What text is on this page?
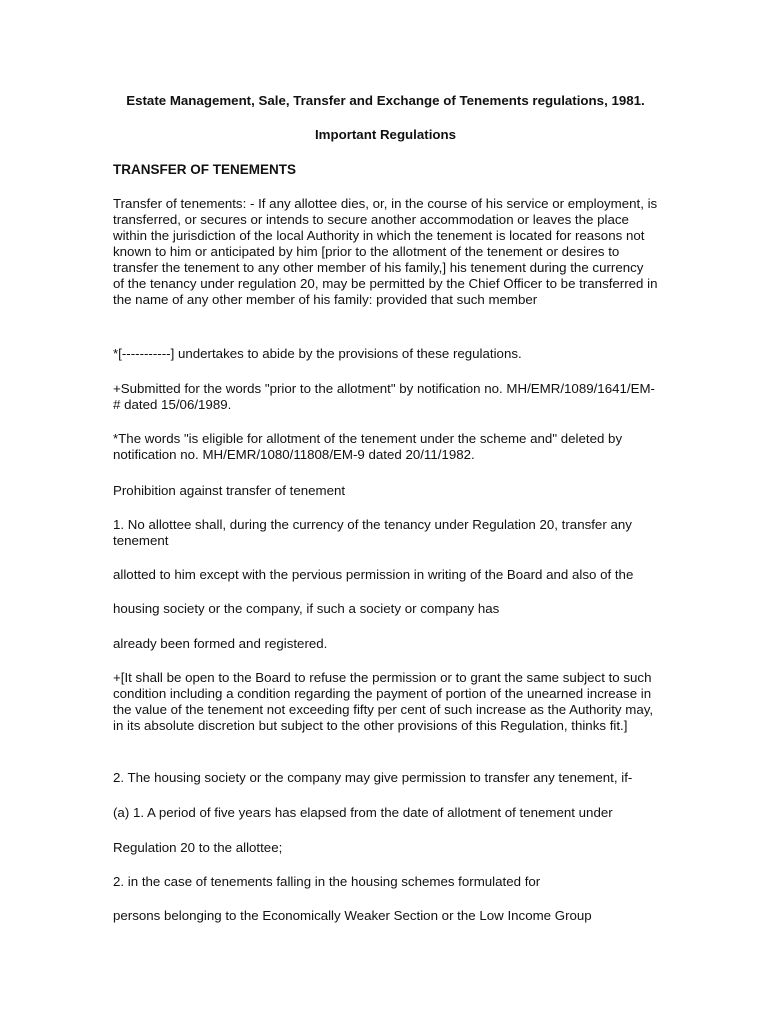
Estate Management, Sale, Transfer and Exchange of Tenements regulations, 1981.
Important Regulations
TRANSFER OF TENEMENTS

Transfer of tenements: - If any allottee dies, or, in the course of his service or employment, is transferred, or secures or intends to secure another accommodation or leaves the place within the jurisdiction of the local Authority in which the tenement is located for reasons not known to him or anticipated by him [prior to the allotment of the tenement or desires to transfer the tenement to any other member of his family,] his tenement during the currency of the tenancy under regulation 20, may be permitted by the Chief Officer to be transferred in the name of any other member of his family: provided that such member

*[-----------] undertakes to abide by the provisions of these regulations.

+Submitted for the words "prior to the allotment" by notification no. MH/EMR/1089/1641/EM-# dated 15/06/1989.

*The words "is eligible for allotment of the tenement under the scheme and" deleted by notification no. MH/EMR/1080/11808/EM-9 dated 20/11/1982.

Prohibition against transfer of tenement

1. No allottee shall, during the currency of the tenancy under Regulation 20, transfer any tenement

allotted to him except with the pervious permission in writing of the Board and also of the

housing society or the company, if such a society or company has

already been formed and registered.

+[It shall be open to the Board to refuse the permission or to grant the same subject to such condition including a condition regarding the payment of portion of the unearned increase in the value of the tenement not exceeding fifty per cent of such increase as the Authority may, in its absolute discretion but subject to the other provisions of this Regulation, thinks fit.]

2. The housing society or the company may give permission to transfer any tenement, if-

(a) 1. A period of five years has elapsed from the date of allotment of tenement under

Regulation 20 to the allottee;

2. in the case of tenements falling in the housing schemes formulated for

persons belonging to the Economically Weaker Section or the Low Income Group
